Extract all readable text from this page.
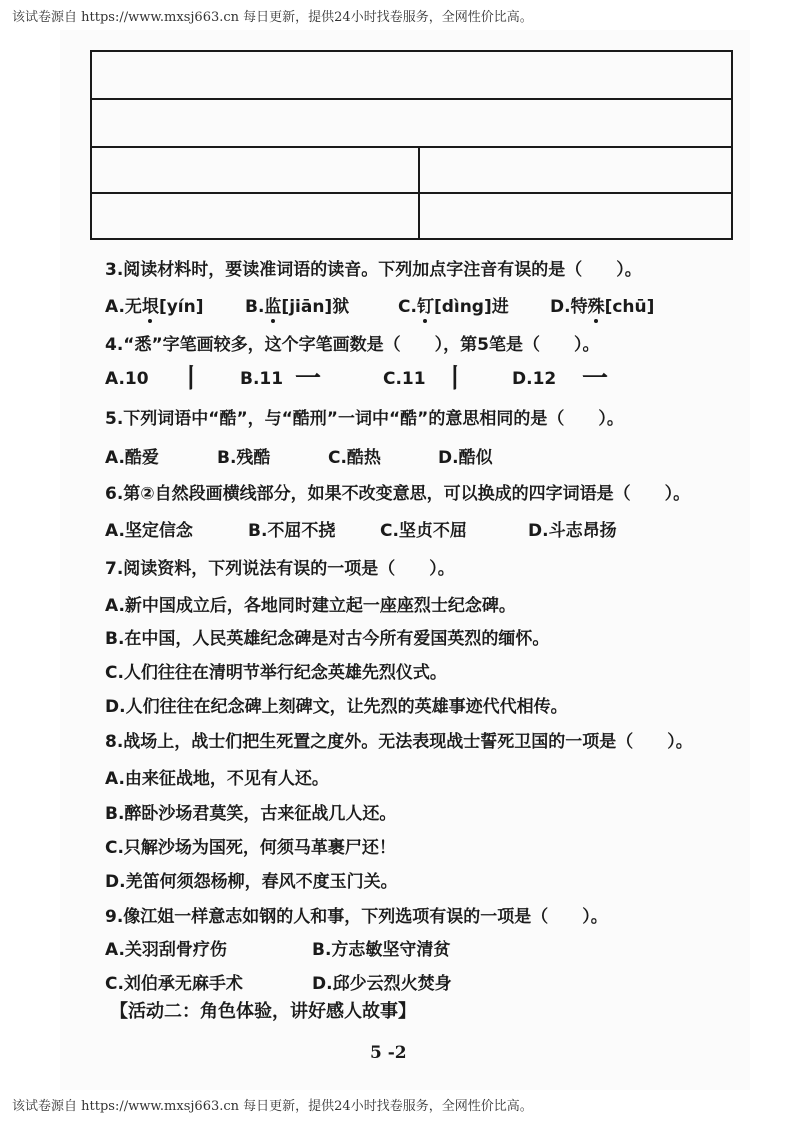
该试卷源自 https://www.mxsj663.cn 每日更新，提供24小时找卷服务，全网性价比高。
3.阅读材料时，要读准词语的读音。下列加点字注音有误的是（　　）。
A.无垠[yín] B.监[jiān]狱	C.钉[dìng]进 D.特殊[chū]
4.“悉”字笔画较多，这个字笔画数是（　　），第5笔是（　　）。
A.10 丨 B.11 一	C.11 丨	D.12 一
5.下列词语中“酷”，与“酷刑”一词中“酷”的意思相同的是（　　）。
A.酷爱	B.残酷	C.酷热	D.酷似
6.第②自然段画横线部分，如果不改变意思，可以换成的四字词语是（　　）。
A.坚定信念	B.不屈不挠	C.坚贞不屈	D.斗志昂扬
7.阅读资料，下列说法有误的一项是（　　）。
A.新中国成立后，各地同时建立起一座座烈士纪念碑。
B.在中国，人民英雄纪念碑是对古今所有爱国英烈的缅怀。
C.人们往往在清明节举行纪念英雄先烈仪式。
D.人们往往在纪念碑上刻碑文，让先烈的英雄事迹代代相传。
8.战场上，战士们把生死置之度外。无法表现战士誓死卫国的一项是（　　）。
A.由来征战地，不见有人还。
B.醉卧沙场君莫笑，古来征战几人还。
C.只解沙场为国死，何须马革裹尸还！
D.羌笛何须怨杨柳，春风不度玉门关。
9.像江姐一样意志如钢的人和事，下列选项有误的一项是（　　）。
A.关羽刮骨疗伤	B.方志敏坚守清贫
C.刘伯承无麻手术	D.邱少云烈火焚身
【活动二：角色体验，讲好感人故事】
5 -2
该试卷源自 https://www.mxsj663.cn 每日更新，提供24小时找卷服务，全网性价比高。
